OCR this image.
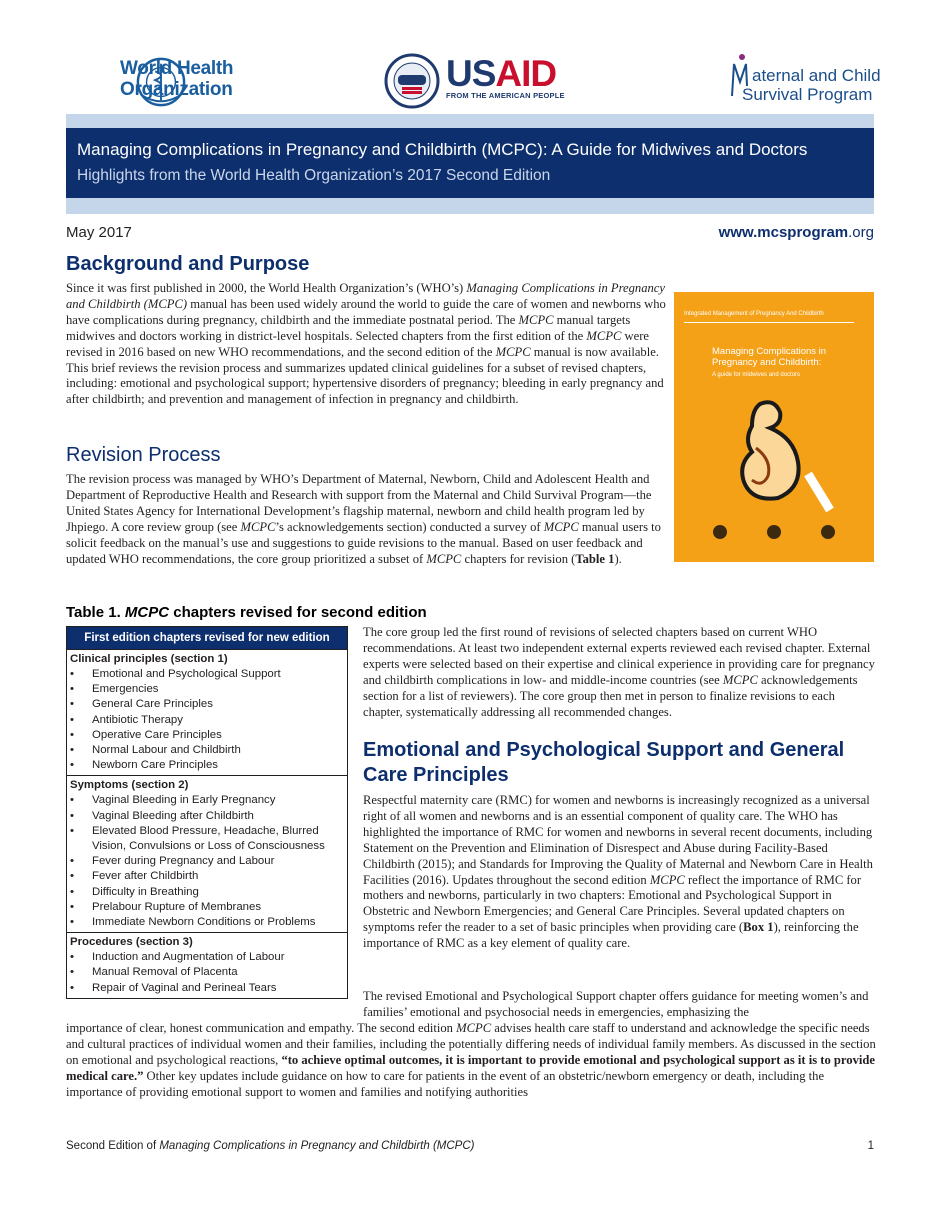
World Health
Organization	USAID
FROM THE AMERICAN PEOPLE
aternal and Child
Survival Program
Managing Complications in Pregnancy and Childbirth (MCPC): A Guide for Midwives and Doctors
Highlights from the World Health Organization’s 2017 Second Edition
May 2017	www.mcsprogram.org
Background and Purpose
Since it was first published in 2000, the World Health Organization’s (WHO’s) Managing Complications in Pregnancy and Childbirth (MCPC) manual has been used widely around the world to guide the care of women and newborns who have complications during pregnancy, childbirth and the immediate postnatal period. The MCPC manual targets midwives and doctors working in district-level hospitals. Selected chapters from the first edition of the MCPC were revised in 2016 based on new WHO recommendations, and the second edition of the MCPC manual is now available. This brief reviews the revision process and summarizes updated clinical guidelines for a subset of revised chapters, including: emotional and psychological support; hypertensive disorders of pregnancy; bleeding in early pregnancy and after childbirth; and prevention and management of infection in pregnancy and childbirth.
Integrated Management of Pregnancy And Childbirth
Managing Complications in Pregnancy and Childbirth:
A guide for midwives and doctors
Revision Process
The revision process was managed by WHO’s Department of Maternal, Newborn, Child and Adolescent Health and Department of Reproductive Health and Research with support from the Maternal and Child Survival Program—the United States Agency for International Development’s flagship maternal, newborn and child health program led by Jhpiego. A core review group (see MCPC’s acknowledgements section) conducted a survey of MCPC manual users to solicit feedback on the manual’s use and suggestions to guide revisions to the manual. Based on user feedback and updated WHO recommendations, the core group prioritized a subset of MCPC chapters for revision (Table 1).
Table 1. MCPC chapters revised for second edition
First edition chapters revised for new edition
Clinical principles (section 1)
• Emotional and Psychological Support
• Emergencies
• General Care Principles
• Antibiotic Therapy
• Operative Care Principles
• Normal Labour and Childbirth
• Newborn Care Principles
Symptoms (section 2)
• Vaginal Bleeding in Early Pregnancy
• Vaginal Bleeding after Childbirth
• Elevated Blood Pressure, Headache, Blurred Vision, Convulsions or Loss of Consciousness
• Fever during Pregnancy and Labour
• Fever after Childbirth
• Difficulty in Breathing
• Prelabour Rupture of Membranes
• Immediate Newborn Conditions or Problems
Procedures (section 3)
• Induction and Augmentation of Labour
• Manual Removal of Placenta
• Repair of Vaginal and Perineal Tears
The core group led the first round of revisions of selected chapters based on current WHO recommendations. At least two independent external experts reviewed each revised chapter. External experts were selected based on their expertise and clinical experience in providing care for pregnancy and childbirth complications in low- and middle-income countries (see MCPC acknowledgements section for a list of reviewers). The core group then met in person to finalize revisions to each chapter, systematically addressing all recommended changes.
Emotional and Psychological Support and General Care Principles
Respectful maternity care (RMC) for women and newborns is increasingly recognized as a universal right of all women and newborns and is an essential component of quality care. The WHO has highlighted the importance of RMC for women and newborns in several recent documents, including Statement on the Prevention and Elimination of Disrespect and Abuse during Facility-Based Childbirth (2015); and Standards for Improving the Quality of Maternal and Newborn Care in Health Facilities (2016). Updates throughout the second edition MCPC reflect the importance of RMC for mothers and newborns, particularly in two chapters: Emotional and Psychological Support in Obstetric and Newborn Emergencies; and General Care Principles. Several updated chapters on symptoms refer the reader to a set of basic principles when providing care (Box 1), reinforcing the importance of RMC as a key element of quality care.
The revised Emotional and Psychological Support chapter offers guidance for meeting women’s and families’ emotional and psychosocial needs in emergencies, emphasizing the
importance of clear, honest communication and empathy. The second edition MCPC advises health care staff to understand and acknowledge the specific needs and cultural practices of individual women and their families, including the potentially differing needs of individual family members. As discussed in the section on emotional and psychological reactions, “to achieve optimal outcomes, it is important to provide emotional and psychological support as it is to provide medical care.” Other key updates include guidance on how to care for patients in the event of an obstetric/newborn emergency or death, including the importance of providing emotional support to women and families and notifying authorities
Second Edition of Managing Complications in Pregnancy and Childbirth (MCPC)	1
